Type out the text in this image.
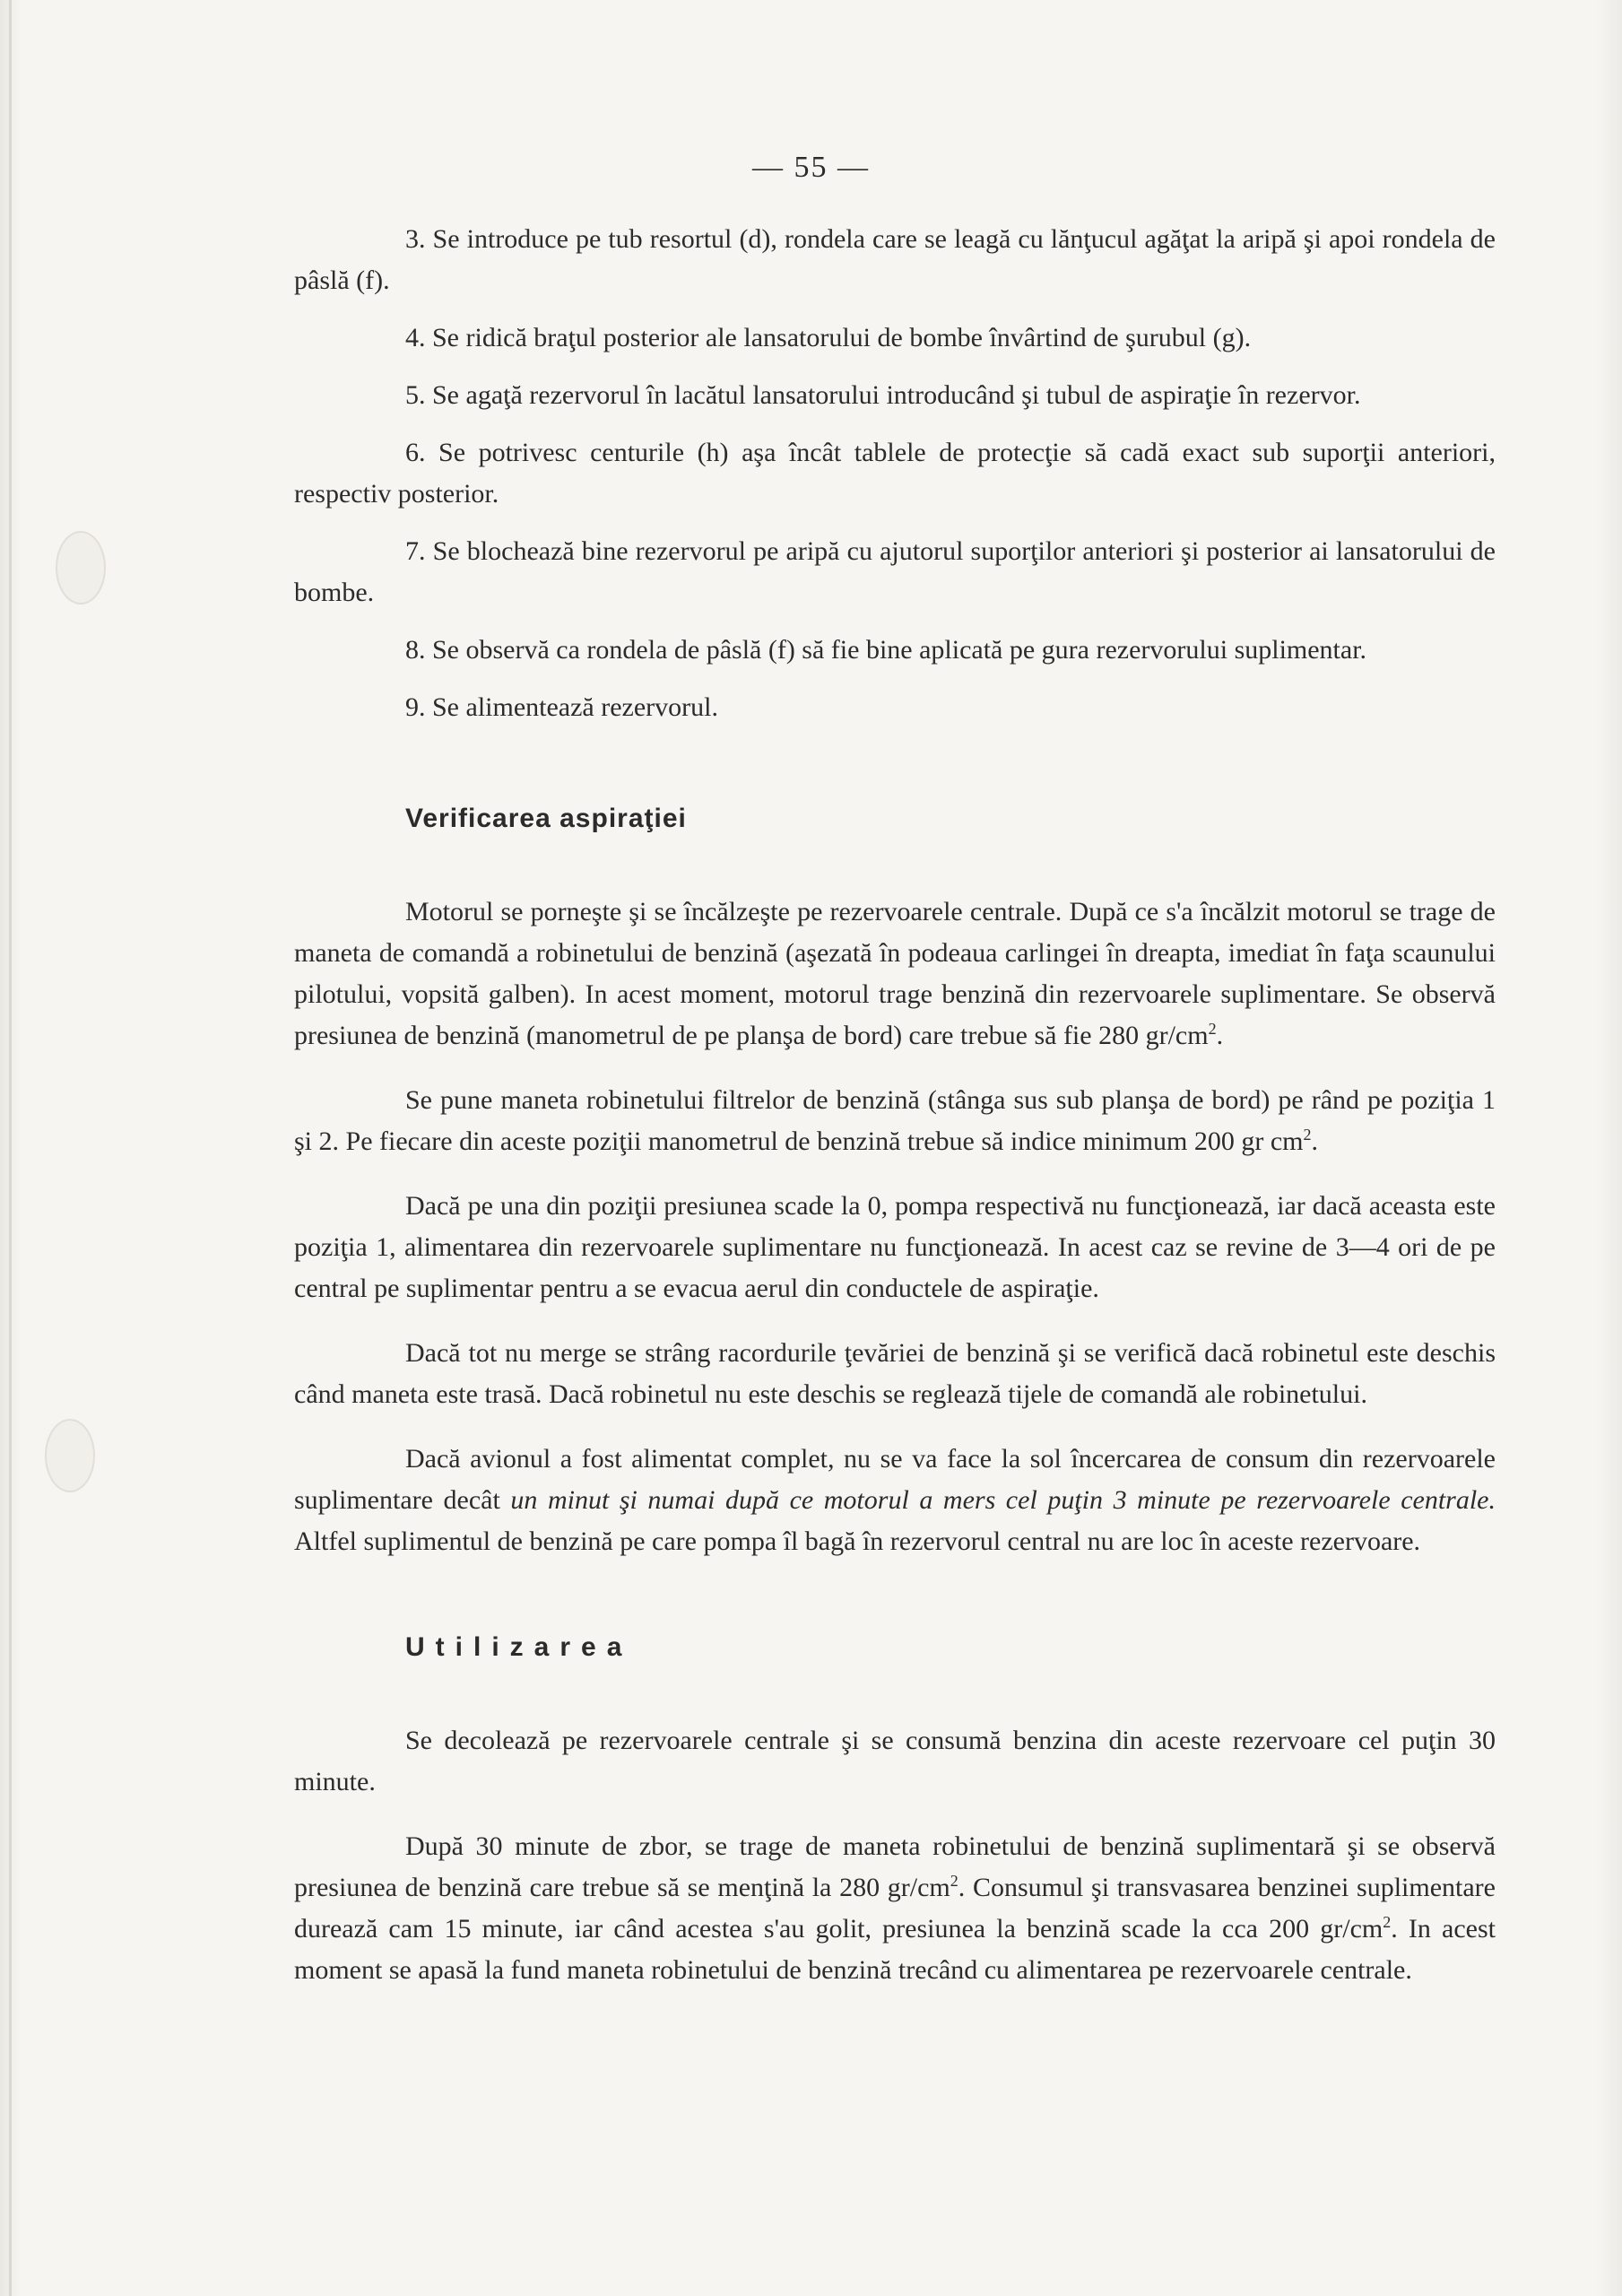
— 55 —

3. Se introduce pe tub resortul (d), rondela care se leagă cu lănţucul agăţat la aripă şi apoi rondela de pâslă (f).

4. Se ridică braţul posterior ale lansatorului de bombe învârtind de şurubul (g).

5. Se agaţă rezervorul în lacătul lansatorului introducând şi tubul de aspiraţie în rezervor.

6. Se potrivesc centurile (h) aşa încât tablele de protecţie să cadă exact sub suporţii anteriori, respectiv posterior.

7. Se blochează bine rezervorul pe aripă cu ajutorul suporţilor anteriori şi posterior ai lansatorului de bombe.

8. Se observă ca rondela de pâslă (f) să fie bine aplicată pe gura rezervorului suplimentar.

9. Se alimentează rezervorul.

Verificarea aspiraţiei

Motorul se porneşte şi se încălzeşte pe rezervoarele centrale. După ce s'a încălzit motorul se trage de maneta de comandă a robinetului de benzină (aşezată în podeaua carlingei în dreapta, imediat în faţa scaunului pilotului, vopsită galben). In acest moment, motorul trage benzină din rezervoarele suplimentare. Se observă presiunea de benzină (manometrul de pe planşa de bord) care trebue să fie 280 $gr/cm^2$.

Se pune maneta robinetului filtrelor de benzină (stânga sus sub planşa de bord) pe rând pe poziţia 1 şi 2. Pe fiecare din aceste poziţii manometrul de benzină trebue să indice minimum 200 gr $cm^2$.

Dacă pe una din poziţii presiunea scade la 0, pompa respectivă nu funcţionează, iar dacă aceasta este poziţia 1, alimentarea din rezervoarele suplimentare nu funcţionează. In acest caz se revine de 3—4 ori de pe central pe suplimentar pentru a se evacua aerul din conductele de aspiraţie.

Dacă tot nu merge se strâng racordurile ţevăriei de benzină şi se verifică dacă robinetul este deschis când maneta este trasă. Dacă robinetul nu este deschis se reglează tijele de comandă ale robinetului.

Dacă avionul a fost alimentat complet, nu se va face la sol încercarea de consum din rezervoarele suplimentare decât un minut şi numai după ce motorul a mers cel puţin 3 minute pe rezervoarele centrale. Altfel suplimentul de benzină pe care pompa îl bagă în rezervorul central nu are loc în aceste rezervoare.

Utilizarea

Se decolează pe rezervoarele centrale şi se consumă benzina din aceste rezervoare cel puţin 30 minute.

După 30 minute de zbor, se trage de maneta robinetului de benzină suplimentară şi se observă presiunea de benzină care trebue să se menţină la 280 $gr/cm^2$. Consumul şi transvasarea benzinei suplimentare durează cam 15 minute, iar când acestea s'au golit, presiunea la benzină scade la cca 200 $gr/cm^2$. In acest moment se apasă la fund maneta robinetului de benzină trecând cu alimentarea pe rezervoarele centrale.
